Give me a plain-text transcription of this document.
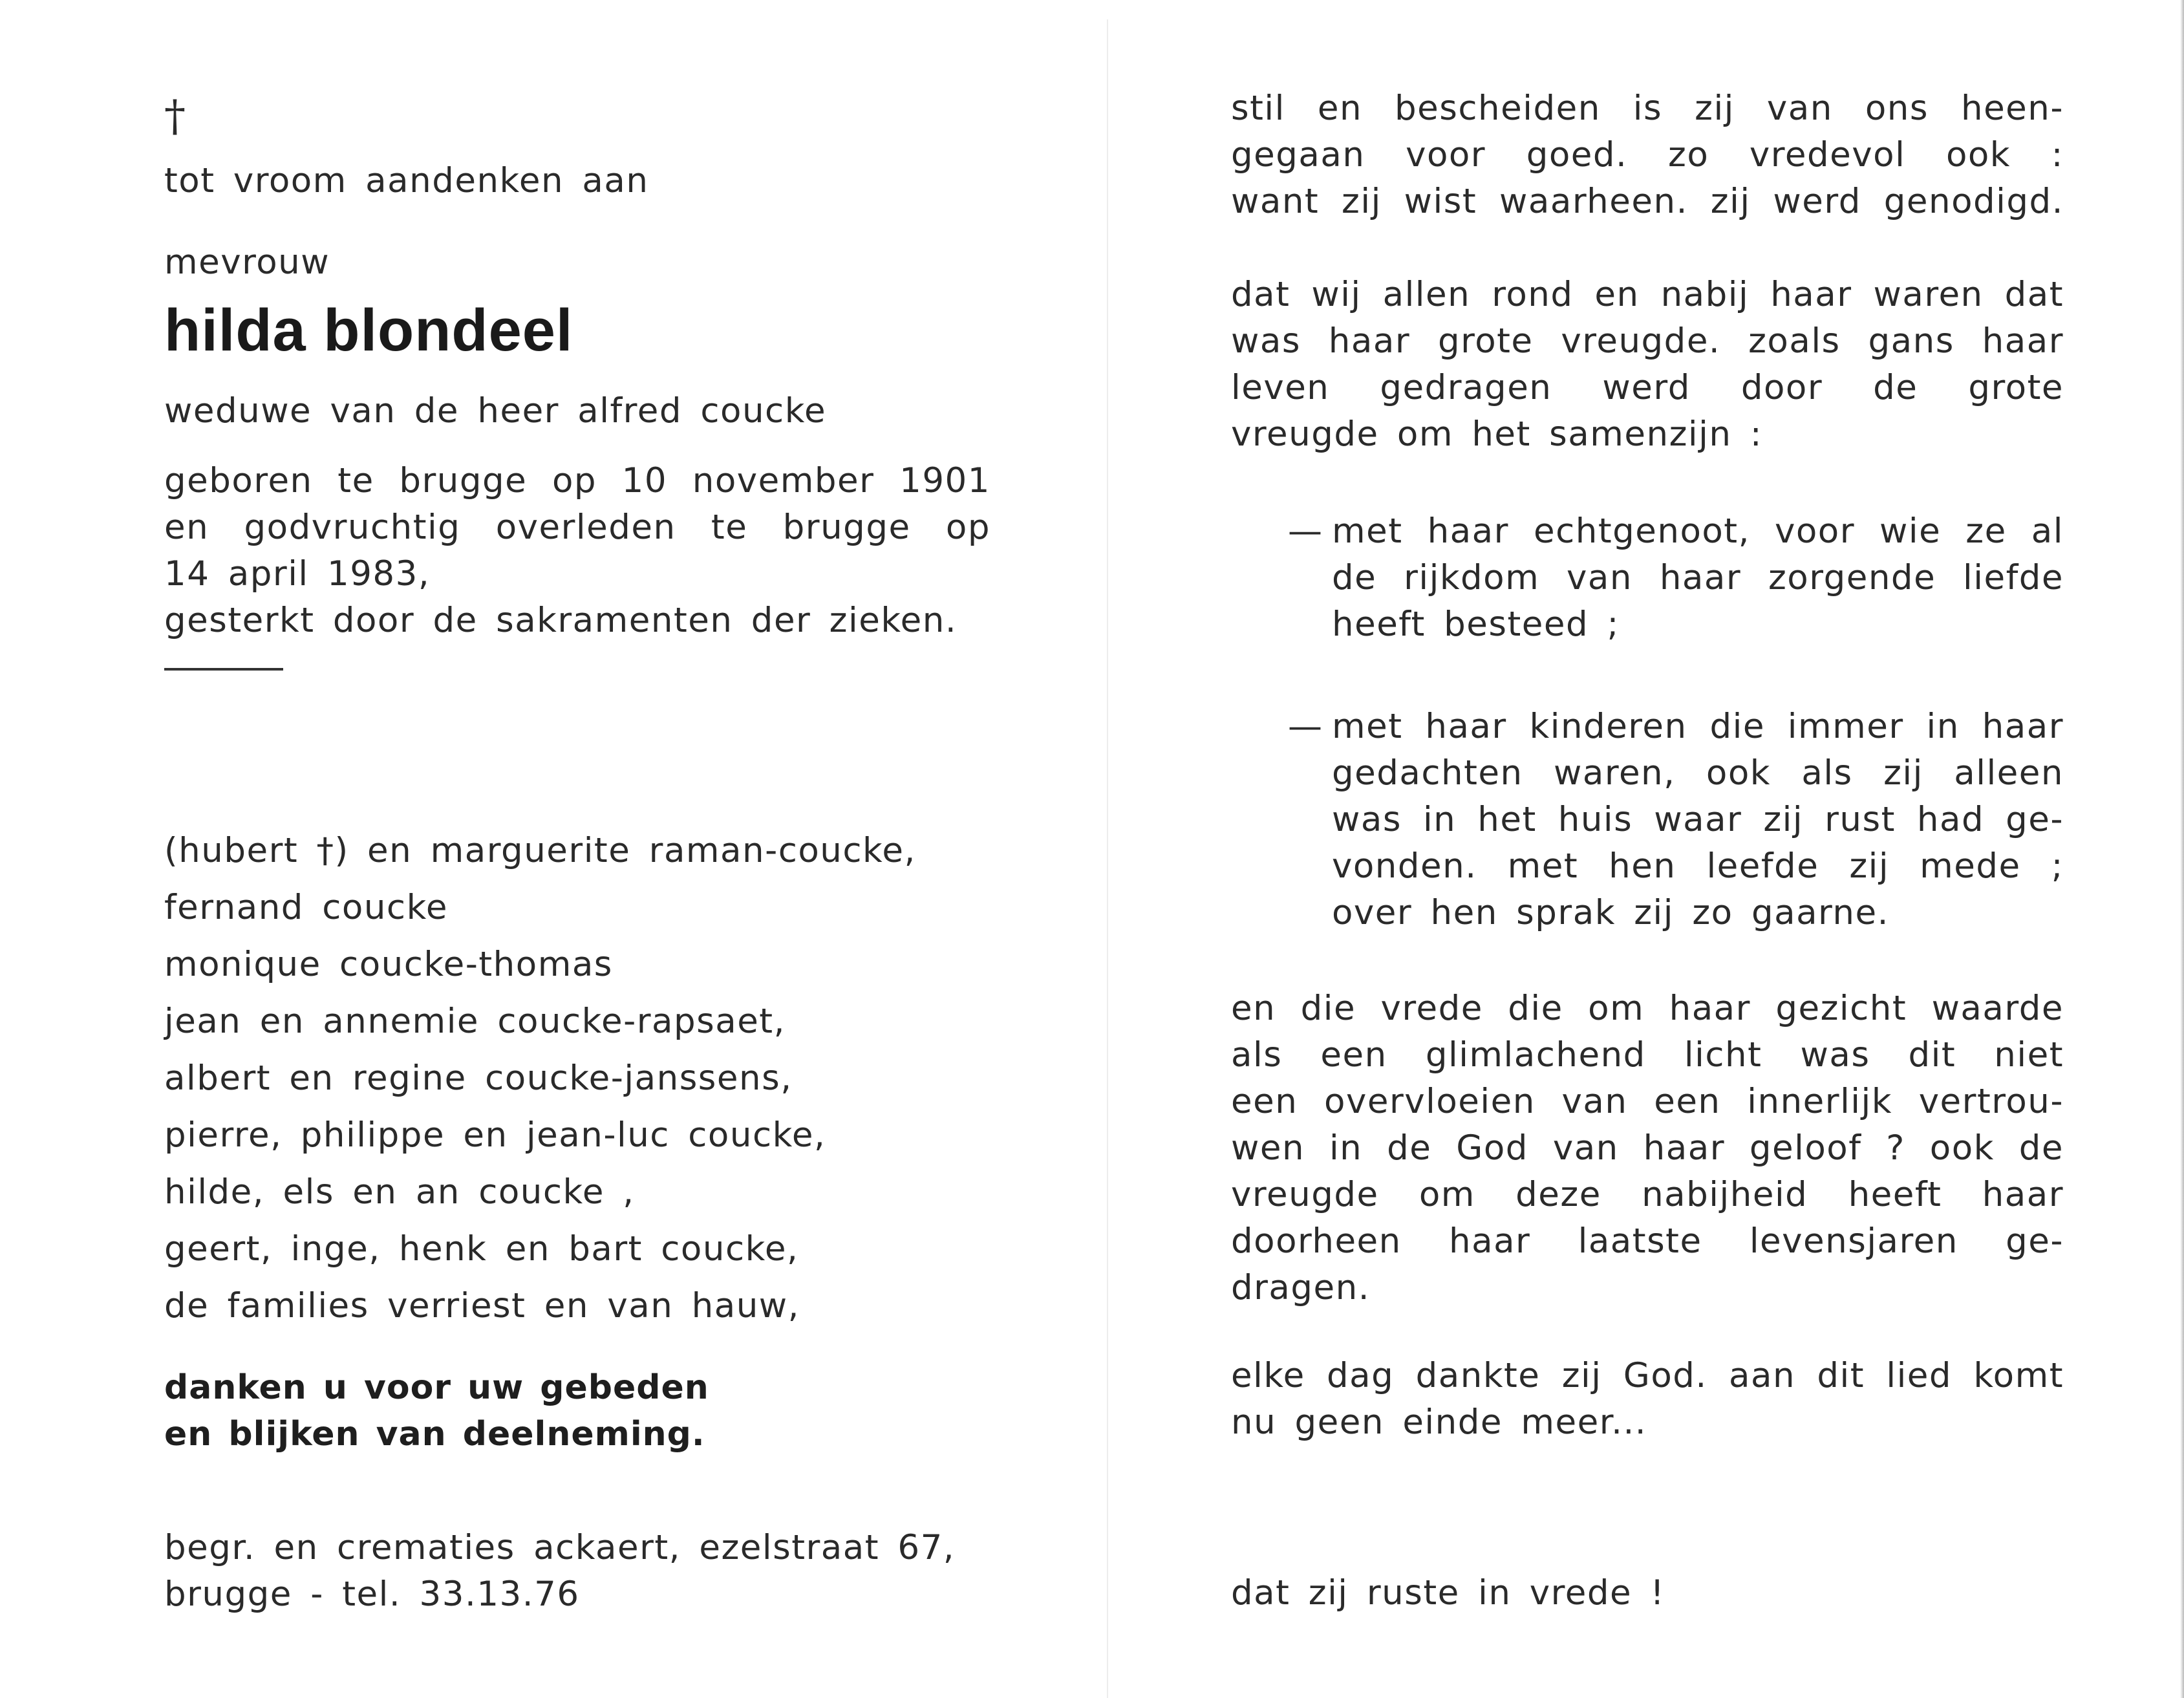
†

tot vroom aandenken aan

mevrouw

hilda blondeel

weduwe van de heer alfred coucke

geboren te brugge op 10 november 1901

en godvruchtig overleden te brugge op

14 april 1983,

gesterkt door de sakramenten der zieken.

(hubert †) en marguerite raman-coucke,

fernand coucke

monique coucke-thomas

jean en annemie coucke-rapsaet,

albert en regine coucke-janssens,

pierre, philippe en jean-luc coucke,

hilde, els en an coucke ,

geert, inge, henk en bart coucke,

de families verriest en van hauw,

danken u voor uw gebeden

en blijken van deelneming.

begr. en crematies ackaert, ezelstraat 67,

brugge - tel. 33.13.76

stil en bescheiden is zij van ons heen-

gegaan voor goed. zo vredevol ook :

want zij wist waarheen. zij werd genodigd.

dat wij allen rond en nabij haar waren dat

was haar grote vreugde. zoals gans haar

leven gedragen werd door de grote

vreugde om het samenzijn :

— met haar echtgenoot, voor wie ze al

de rijkdom van haar zorgende liefde

heeft besteed ;

— met haar kinderen die immer in haar

gedachten waren, ook als zij alleen

was in het huis waar zij rust had ge-

vonden. met hen leefde zij mede ;

over hen sprak zij zo gaarne.

en die vrede die om haar gezicht waarde

als een glimlachend licht was dit niet

een overvloeien van een innerlijk vertrou-

wen in de God van haar geloof ? ook de

vreugde om deze nabijheid heeft haar

doorheen haar laatste levensjaren ge-

dragen.

elke dag dankte zij God. aan dit lied komt

nu geen einde meer...

dat zij ruste in vrede !
